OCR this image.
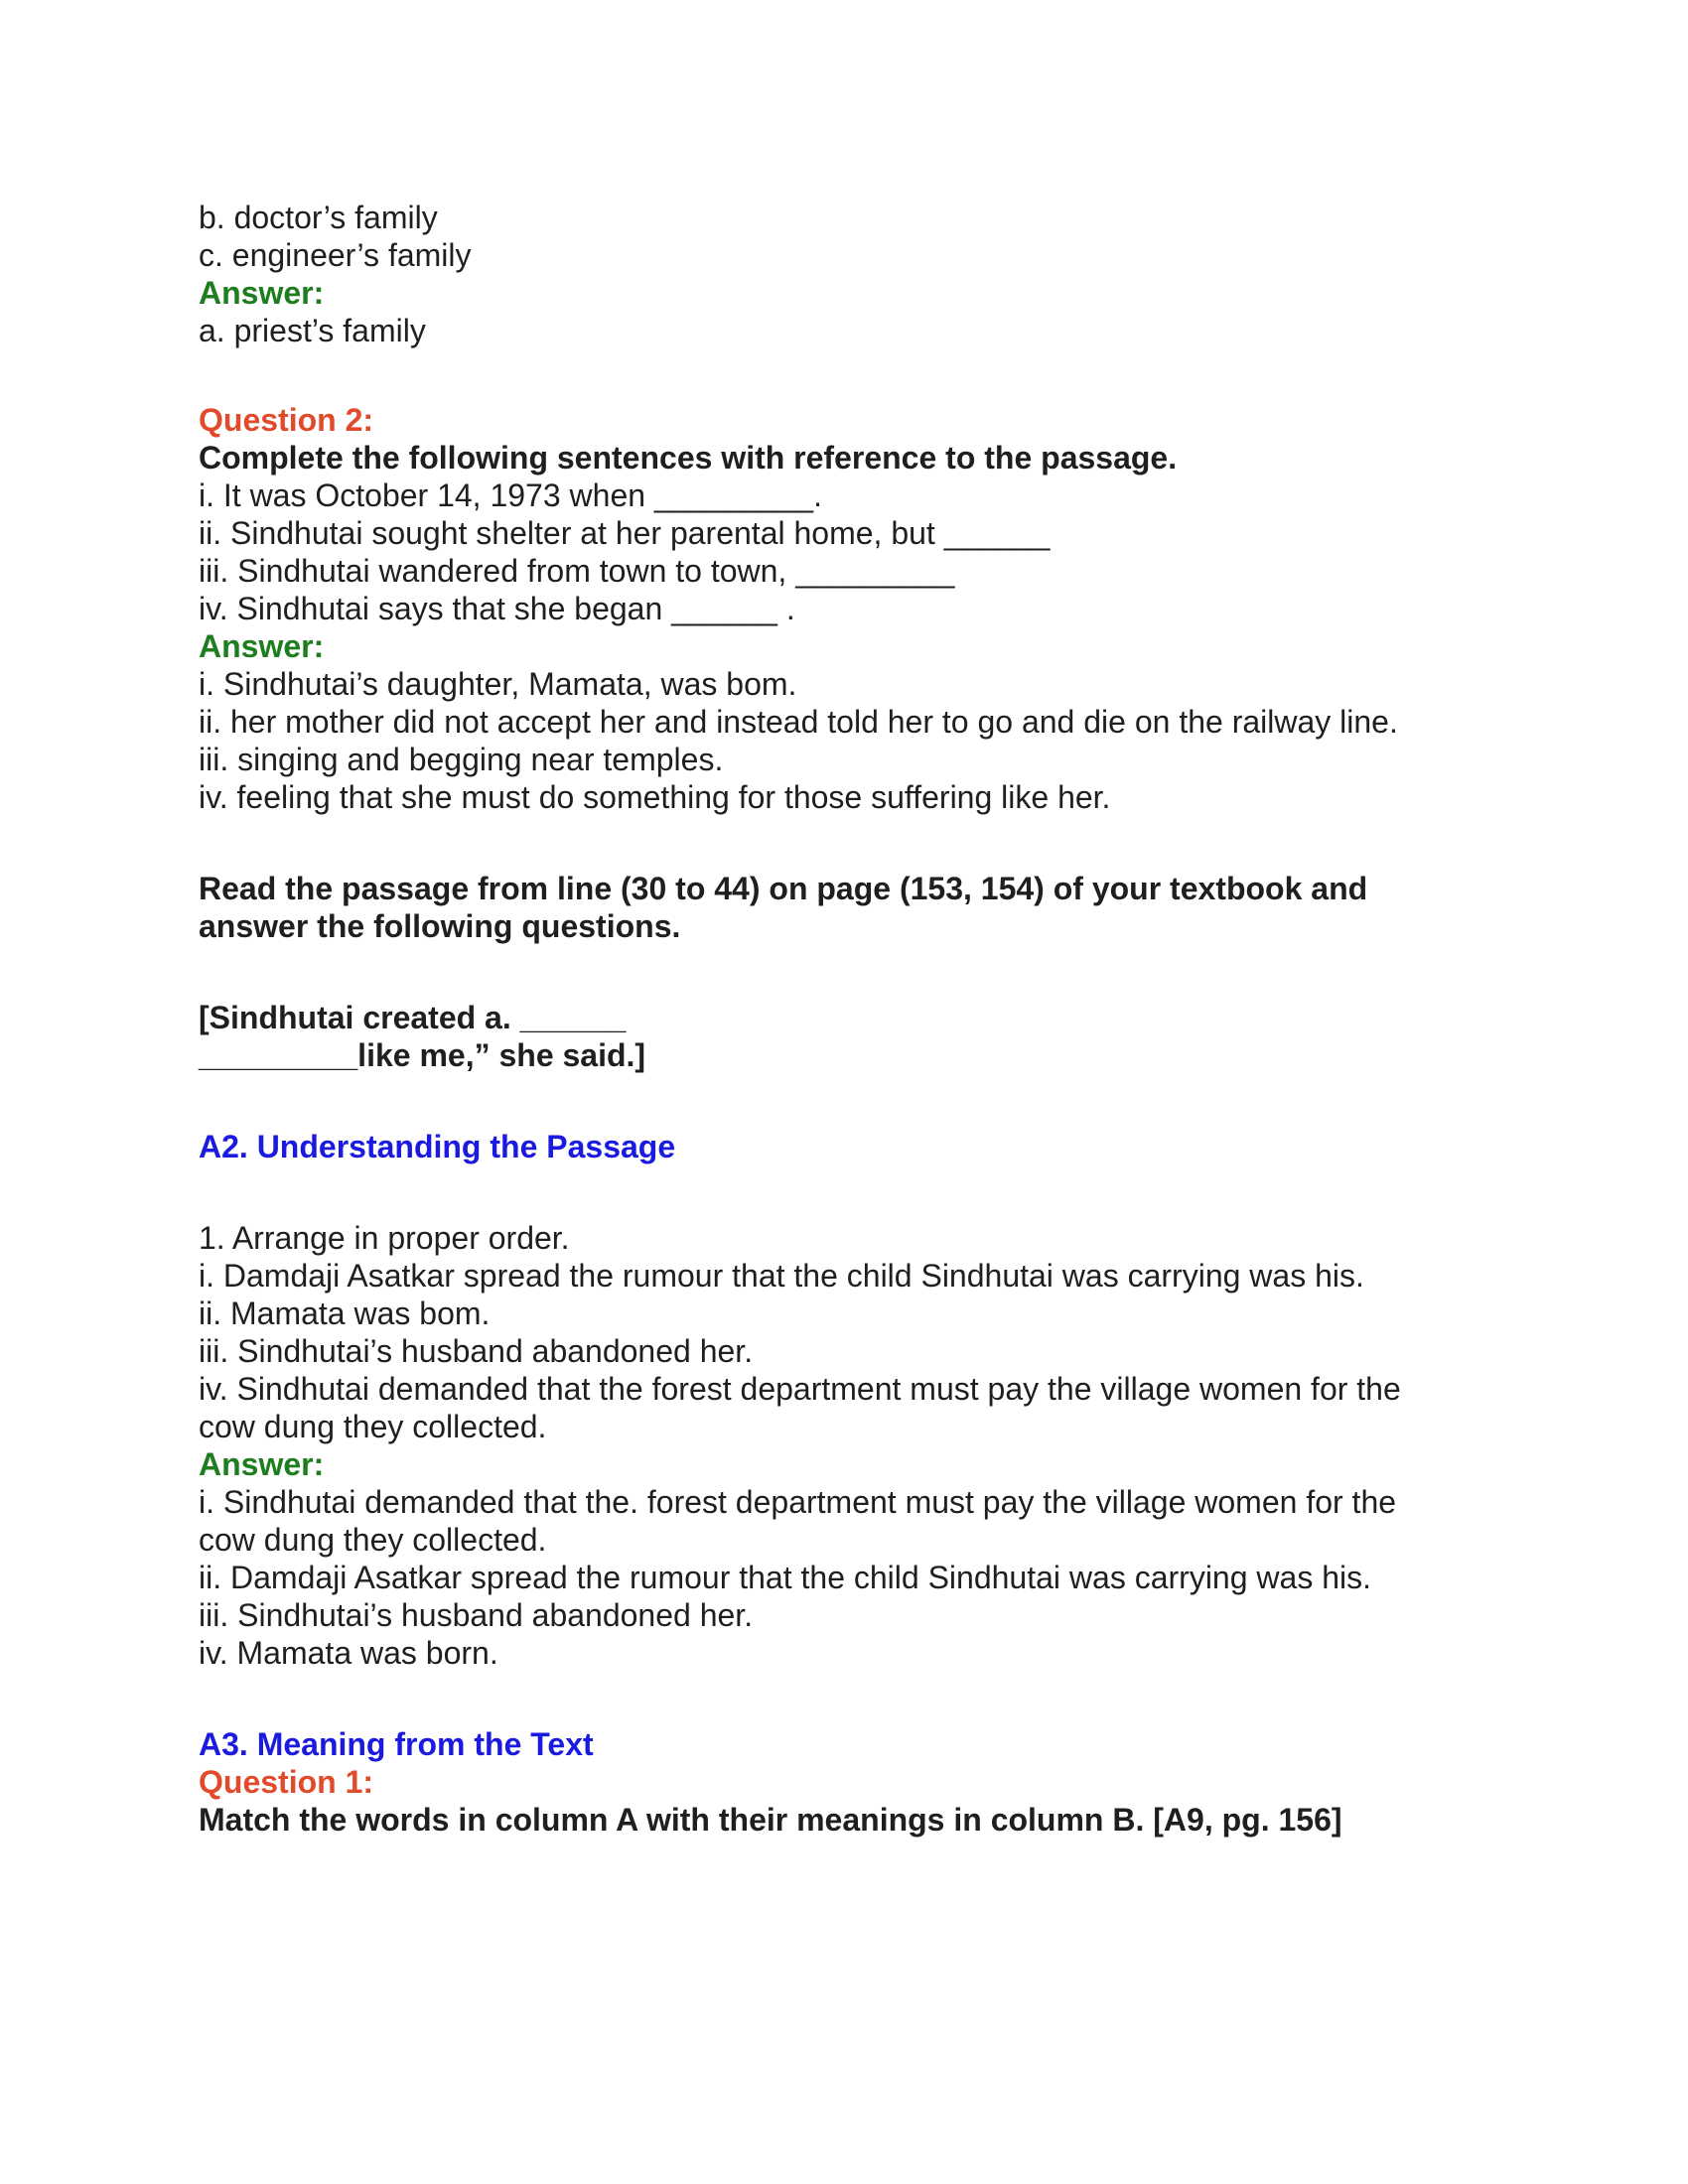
b. doctor’s family
c. engineer’s family
Answer:
a. priest’s family
Question 2:
Complete the following sentences with reference to the passage.
i. It was October 14, 1973 when _________.
ii. Sindhutai sought shelter at her parental home, but ______
iii. Sindhutai wandered from town to town, _________
iv. Sindhutai says that she began ______ .
Answer:
i. Sindhutai’s daughter, Mamata, was bom.
ii. her mother did not accept her and instead told her to go and die on the railway line.
iii. singing and begging near temples.
iv. feeling that she must do something for those suffering like her.
Read the passage from line (30 to 44) on page (153, 154) of your textbook and
answer the following questions.
[Sindhutai created a. ______
_________like me,” she said.]
A2. Understanding the Passage
1. Arrange in proper order.
i. Damdaji Asatkar spread the rumour that the child Sindhutai was carrying was his.
ii. Mamata was bom.
iii. Sindhutai’s husband abandoned her.
iv. Sindhutai demanded that the forest department must pay the village women for the
cow dung they collected.
Answer:
i. Sindhutai demanded that the. forest department must pay the village women for the
cow dung they collected.
ii. Damdaji Asatkar spread the rumour that the child Sindhutai was carrying was his.
iii. Sindhutai’s husband abandoned her.
iv. Mamata was born.
A3. Meaning from the Text
Question 1:
Match the words in column A with their meanings in column B. [A9, pg. 156]
